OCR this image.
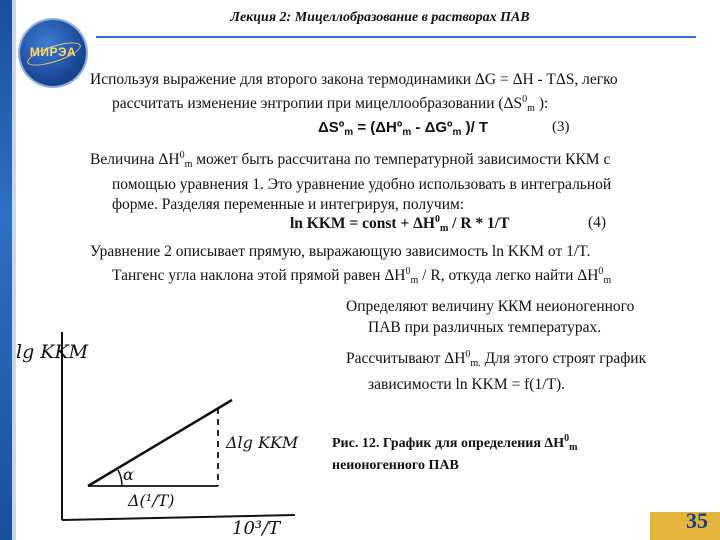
МИРЭА
Лекция 2: Мицеллобразование в растворах ПАВ
Используя выражение для второго закона термодинамики ΔG = ΔH - TΔS, легко
рассчитать изменение энтропии при мицеллообразовании ($\Delta S^0_m$ ):
ΔSº$_m$ = (ΔHº$_m$ - ΔGº$_m$ )/ T	(3)
Величина $\Delta H^0_m$ может быть рассчитана по температурной зависимости ККМ с
помощью уравнения 1. Это уравнение удобно использовать в интегральной
форме. Разделяя переменные и интегрируя, получим:
ln KKM = const + $\Delta H^0_m$ / R * 1/T	(4)
Уравнение 2 описывает прямую, выражающую зависимость ln KKM от 1/T.
Тангенс угла наклона этой прямой равен $\Delta H^0_m$ / R, откуда легко найти $\Delta H^0_m$
Определяют величину ККМ неионогенного
ПАВ при различных температурах.
Рассчитывают $\Delta H^0_{m.}$ Для этого строят график
зависимости ln KKM = f(1/T).
Рис. 12. График для определения $\Delta H^0_m$
неионогенного ПАВ
α
lg KKM
Δlg KKM
Δ(¹/T)
10³/T	35
